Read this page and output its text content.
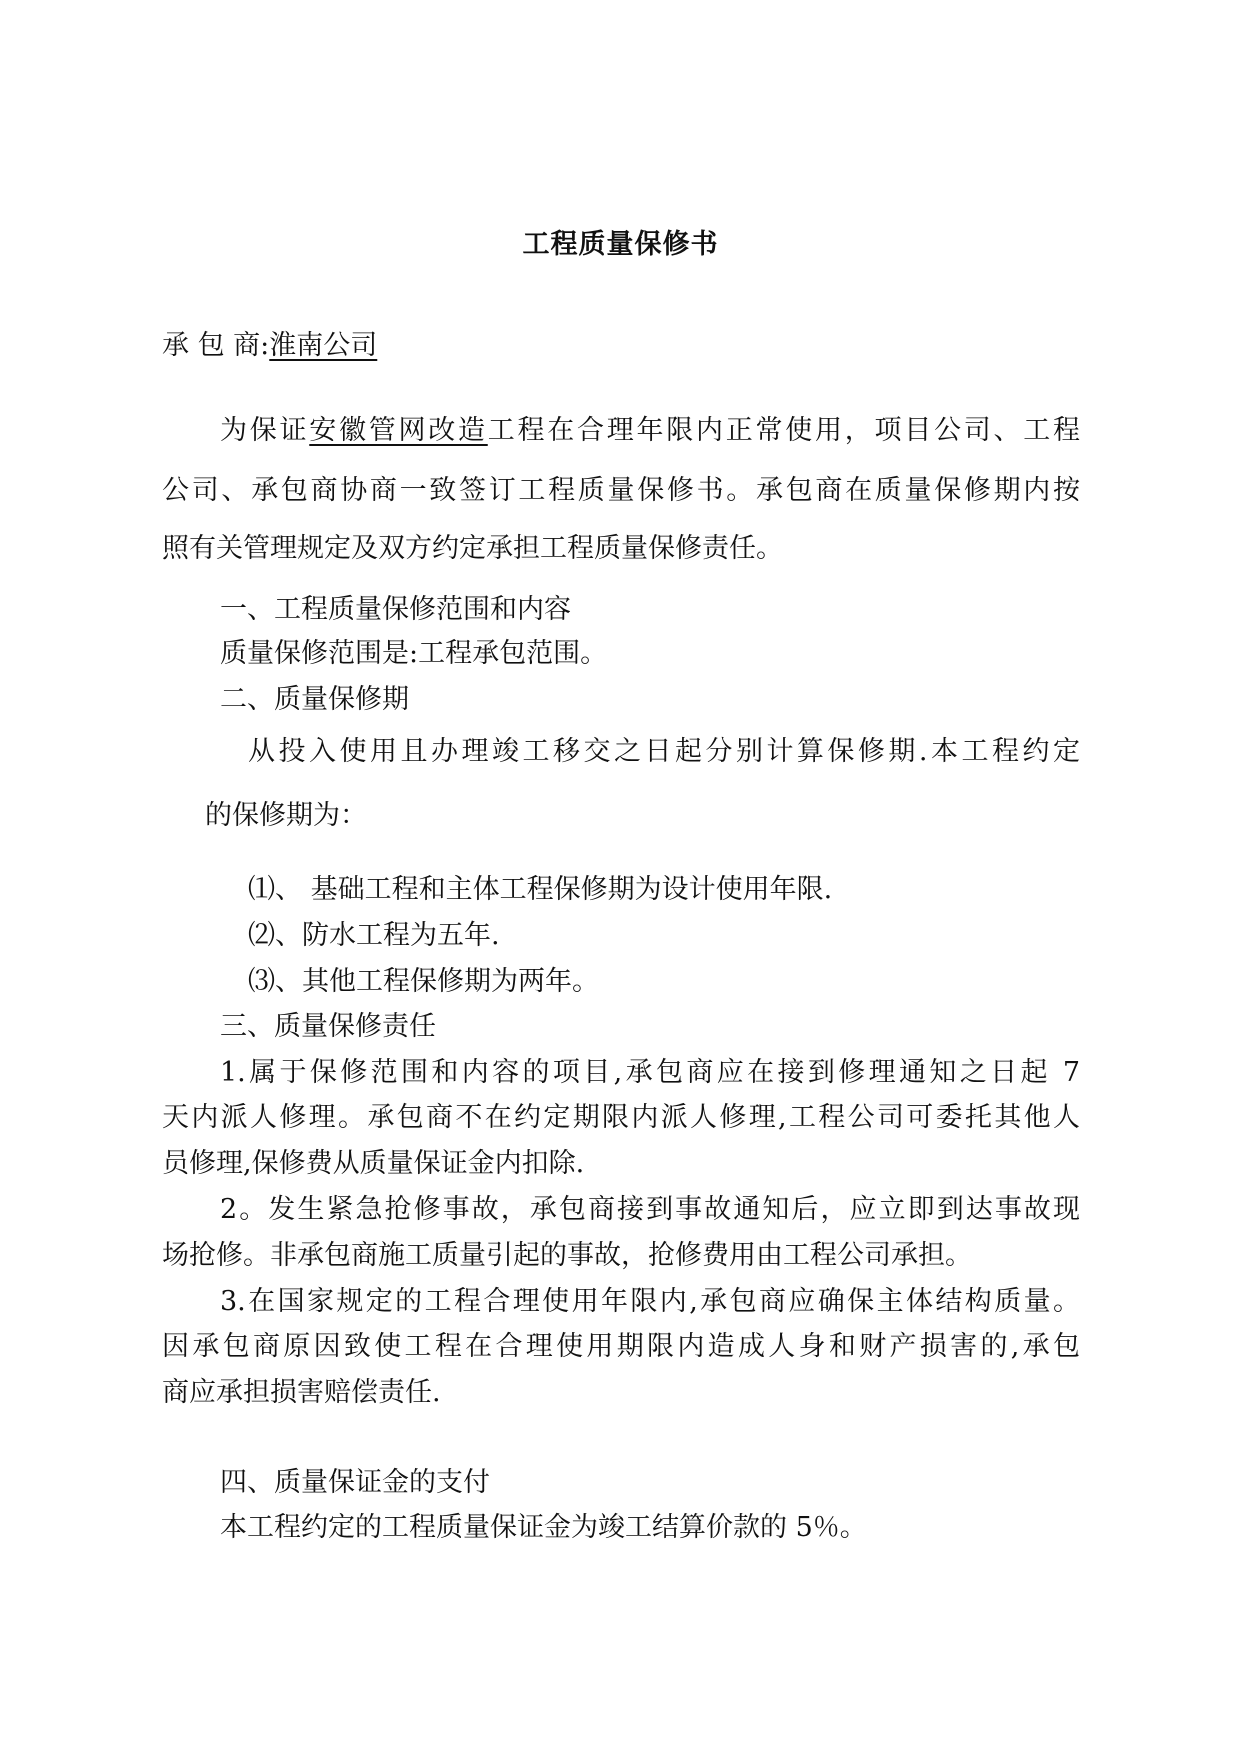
工程质量保修书
承 包 商:淮南公司
为保证安徽管网改造工程在合理年限内正常使用，项目公司、工程
公司、承包商协商一致签订工程质量保修书。承包商在质量保修期内按
照有关管理规定及双方约定承担工程质量保修责任。
一、工程质量保修范围和内容
质量保修范围是:工程承包范围。
二、质量保修期
从投入使用且办理竣工移交之日起分别计算保修期.本工程约定
的保修期为：
⑴、 基础工程和主体工程保修期为设计使用年限.
⑵、防水工程为五年.
⑶、其他工程保修期为两年。
三、质量保修责任
1.属于保修范围和内容的项目,承包商应在接到修理通知之日起 7
天内派人修理。承包商不在约定期限内派人修理,工程公司可委托其他人
员修理,保修费从质量保证金内扣除.
2。发生紧急抢修事故，承包商接到事故通知后，应立即到达事故现
场抢修。非承包商施工质量引起的事故，抢修费用由工程公司承担。
3.在国家规定的工程合理使用年限内,承包商应确保主体结构质量。
因承包商原因致使工程在合理使用期限内造成人身和财产损害的,承包
商应承担损害赔偿责任.
四、质量保证金的支付
本工程约定的工程质量保证金为竣工结算价款的 5％。
